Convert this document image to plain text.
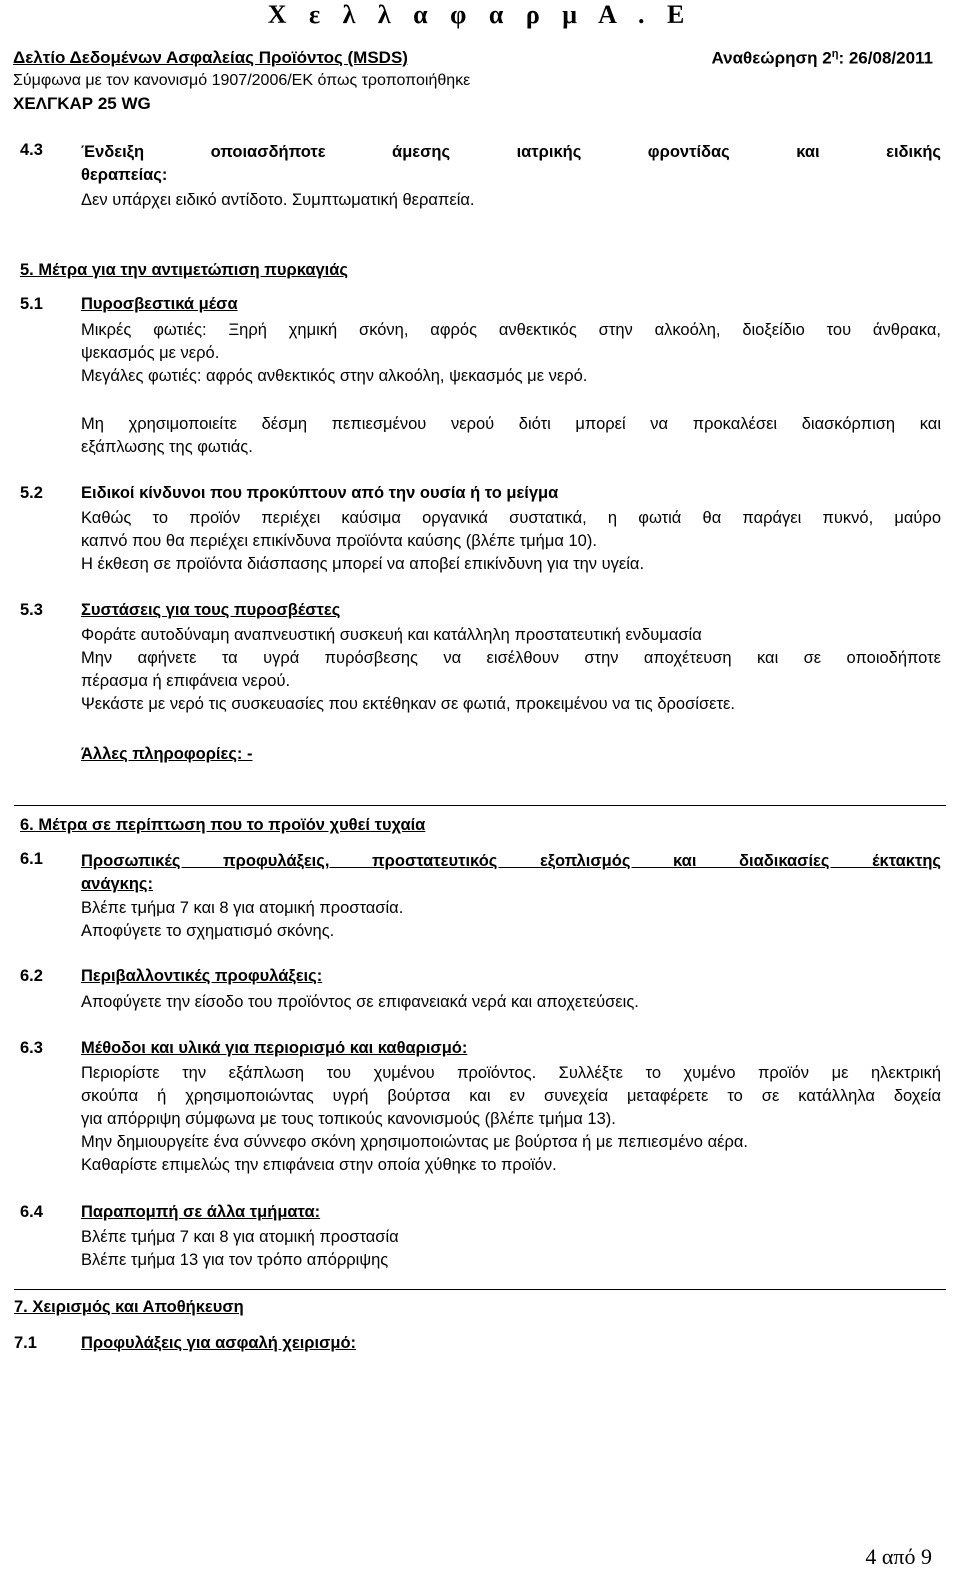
Χ ε λ λ α φ α ρ μ Α . Ε
Δελτίο Δεδομένων Ασφαλείας Προϊόντος (MSDS)	Αναθεώρηση $2^\eta$: 26/08/2011
Σύμφωνα με τον κανονισμό 1907/2006/ΕΚ όπως τροποποιήθηκε
ΧΕΛΓΚΑΡ 25 WG
4.3 Ένδειξη οποιασδήποτε άμεσης ιατρικής φροντίδας και ειδικής
θεραπείας:
Δεν υπάρχει ειδικό αντίδοτο. Συμπτωματική θεραπεία.
5. Μέτρα για την αντιμετώπιση πυρκαγιάς
5.1 Πυροσβεστικά μέσα
Μικρές φωτιές: Ξηρή χημική σκόνη, αφρός ανθεκτικός στην αλκοόλη, διοξείδιο του άνθρακα,
ψεκασμός με νερό.
Μεγάλες φωτιές: αφρός ανθεκτικός στην αλκοόλη, ψεκασμός με νερό.
Μη χρησιμοποιείτε δέσμη πεπιεσμένου νερού διότι μπορεί να προκαλέσει διασκόρπιση και
εξάπλωσης της φωτιάς.
5.2 Ειδικοί κίνδυνοι που προκύπτουν από την ουσία ή το μείγμα
Καθώς το προϊόν περιέχει καύσιμα οργανικά συστατικά, η φωτιά θα παράγει πυκνό, μαύρο
καπνό που θα περιέχει επικίνδυνα προϊόντα καύσης (βλέπε τμήμα 10).
Η έκθεση σε προϊόντα διάσπασης μπορεί να αποβεί επικίνδυνη για την υγεία.
5.3 Συστάσεις για τους πυροσβέστες
Φοράτε αυτοδύναμη αναπνευστική συσκευή και κατάλληλη προστατευτική ενδυμασία
Μην αφήνετε τα υγρά πυρόσβεσης να εισέλθουν στην αποχέτευση και σε οποιοδήποτε
πέρασμα ή επιφάνεια νερού.
Ψεκάστε με νερό τις συσκευασίες που εκτέθηκαν σε φωτιά, προκειμένου να τις δροσίσετε.
Άλλες πληροφορίες: -
6. Μέτρα σε περίπτωση που το προϊόν χυθεί τυχαία
6.1 Προσωπικές προφυλάξεις, προστατευτικός εξοπλισμός και διαδικασίες έκτακτης
ανάγκης:
Βλέπε τμήμα 7 και 8 για ατομική προστασία.
Αποφύγετε το σχηματισμό σκόνης.
6.2 Περιβαλλοντικές προφυλάξεις:
Αποφύγετε την είσοδο του προϊόντος σε επιφανειακά νερά και αποχετεύσεις.
6.3 Μέθοδοι και υλικά για περιορισμό και καθαρισμό:
Περιορίστε την εξάπλωση του χυμένου προϊόντος. Συλλέξτε το χυμένο προϊόν με ηλεκτρική
σκούπα ή χρησιμοποιώντας υγρή βούρτσα και εν συνεχεία μεταφέρετε το σε κατάλληλα δοχεία
για απόρριψη σύμφωνα με τους τοπικούς κανονισμούς (βλέπε τμήμα 13).
Μην δημιουργείτε ένα σύννεφο σκόνη χρησιμοποιώντας με βούρτσα ή με πεπιεσμένο αέρα.
Καθαρίστε επιμελώς την επιφάνεια στην οποία χύθηκε το προϊόν.
6.4 Παραπομπή σε άλλα τμήματα:
Βλέπε τμήμα 7 και 8 για ατομική προστασία
Βλέπε τμήμα 13 για τον τρόπο απόρριψης
7. Χειρισμός και Αποθήκευση
7.1	Προφυλάξεις για ασφαλή χειρισμό:
4 από 9
